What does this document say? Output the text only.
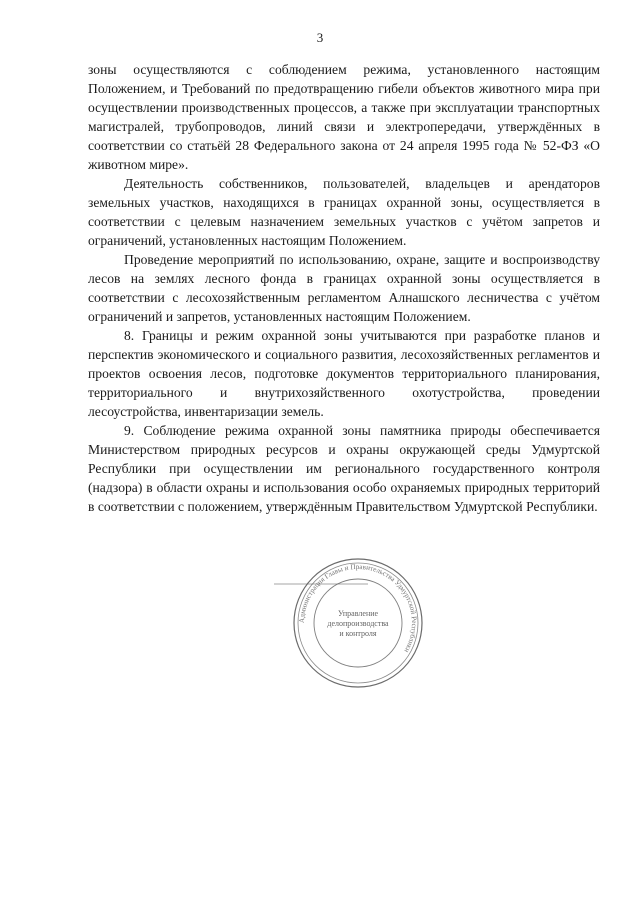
3

зоны осуществляются с соблюдением режима, установленного настоящим Положением, и Требований по предотвращению гибели объектов животного мира при осуществлении производственных процессов, а также при эксплуатации транспортных магистралей, трубопроводов, линий связи и электропередачи, утверждённых в соответствии со статьёй 28 Федерального закона от 24 апреля 1995 года № 52-ФЗ «О животном мире».

Деятельность собственников, пользователей, владельцев и арендаторов земельных участков, находящихся в границах охранной зоны, осуществляется в соответствии с целевым назначением земельных участков с учётом запретов и ограничений, установленных настоящим Положением.

Проведение мероприятий по использованию, охране, защите и воспроизводству лесов на землях лесного фонда в границах охранной зоны осуществляется в соответствии с лесохозяйственным регламентом Алнашского лесничества с учётом ограничений и запретов, установленных настоящим Положением.

8. Границы и режим охранной зоны учитываются при разработке планов и перспектив экономического и социального развития, лесохозяйственных регламентов и проектов освоения лесов, подготовке документов территориального планирования, территориального и внутрихозяйственного охотустройства, проведении лесоустройства, инвентаризации земель.

9. Соблюдение режима охранной зоны памятника природы обеспечивается Министерством природных ресурсов и охраны окружающей среды Удмуртской Республики при осуществлении им регионального государственного контроля (надзора) в области охраны и использования особо охраняемых природных территорий в соответствии с положением, утверждённым Правительством Удмуртской Республики.

Администрация Главы и Правительства Удмуртской Республики
Управление
делопроизводства
и контроля
